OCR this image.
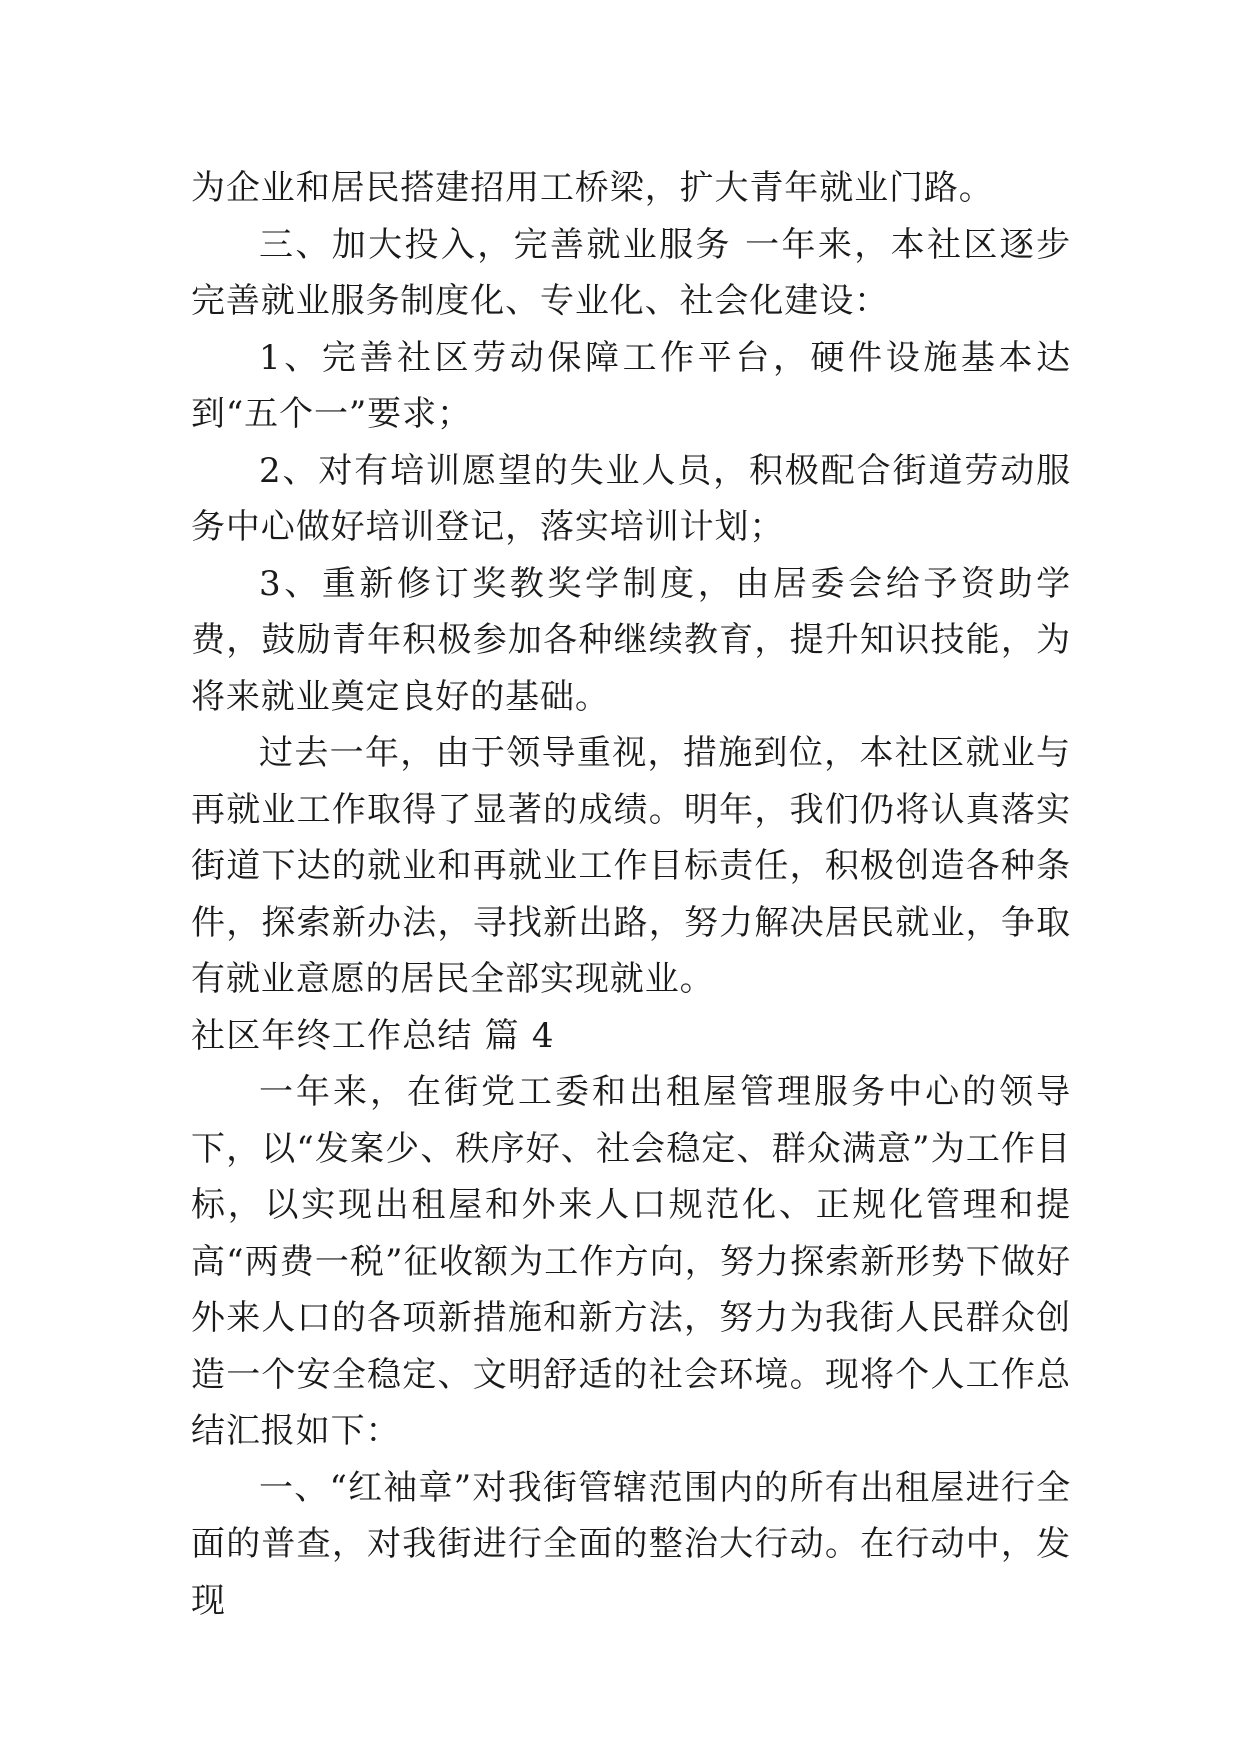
为企业和居民搭建招用工桥梁，扩大青年就业门路。

三、加大投入，完善就业服务 一年来，本社区逐步完善就业服务制度化、专业化、社会化建设：

1、完善社区劳动保障工作平台，硬件设施基本达到“五个一”要求；

2、对有培训愿望的失业人员，积极配合街道劳动服务中心做好培训登记，落实培训计划；

3、重新修订奖教奖学制度，由居委会给予资助学费，鼓励青年积极参加各种继续教育，提升知识技能，为将来就业奠定良好的基础。

过去一年，由于领导重视，措施到位，本社区就业与再就业工作取得了显著的成绩。明年，我们仍将认真落实街道下达的就业和再就业工作目标责任，积极创造各种条件，探索新办法，寻找新出路，努力解决居民就业，争取有就业意愿的居民全部实现就业。

社区年终工作总结 篇 4

一年来，在街党工委和出租屋管理服务中心的领导下，以“发案少、秩序好、社会稳定、群众满意”为工作目标，以实现出租屋和外来人口规范化、正规化管理和提高“两费一税”征收额为工作方向，努力探索新形势下做好外来人口的各项新措施和新方法，努力为我街人民群众创造一个安全稳定、文明舒适的社会环境。现将个人工作总结汇报如下：

一、“红袖章”对我街管辖范围内的所有出租屋进行全面的普查，对我街进行全面的整治大行动。在行动中，发现
